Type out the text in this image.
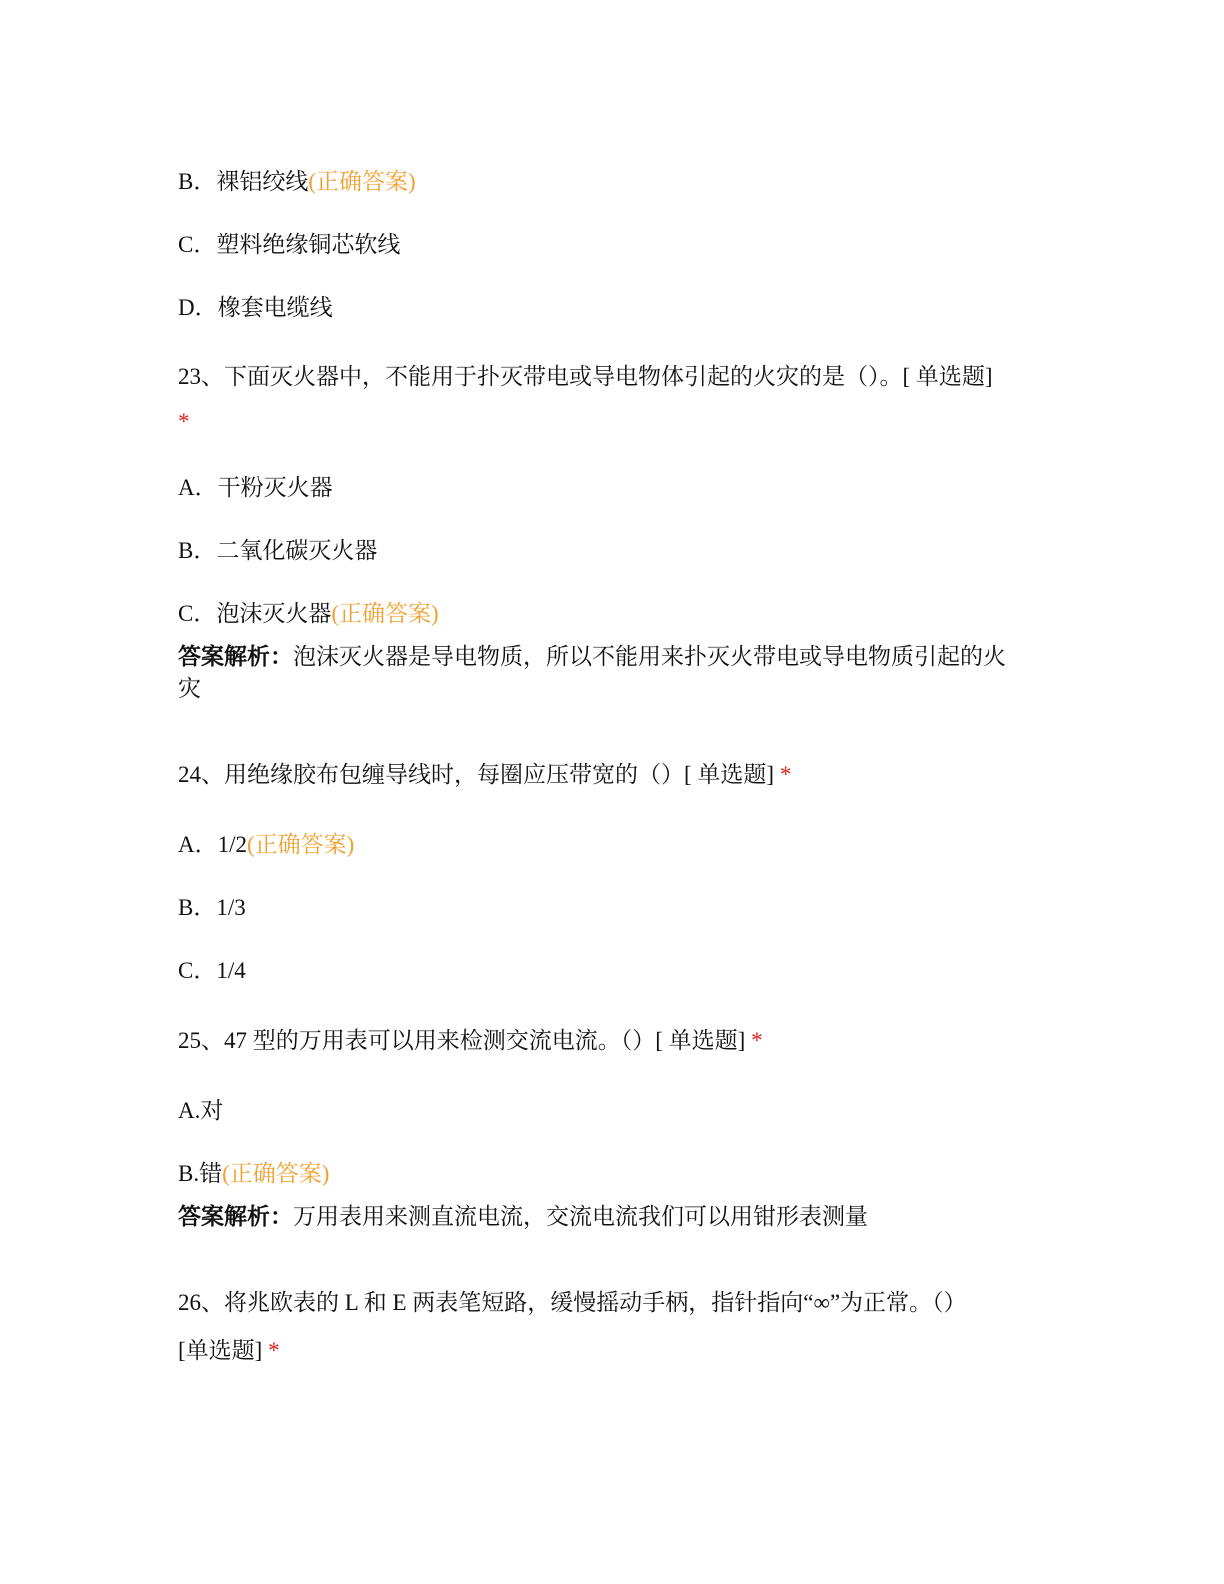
B．裸铝绞线(正确答案)
C．塑料绝缘铜芯软线
D．橡套电缆线
23、下面灭火器中，不能用于扑灭带电或导电物体引起的火灾的是（）。[ 单选题]
*
A．干粉灭火器
B．二氧化碳灭火器
C．泡沫灭火器(正确答案)
答案解析：泡沫灭火器是导电物质，所以不能用来扑灭火带电或导电物质引起的火
灾
24、用绝缘胶布包缠导线时，每圈应压带宽的（）[ 单选题] *
A．1/2(正确答案)
B．1/3
C．1/4
25、47 型的万用表可以用来检测交流电流。（）[ 单选题] *
A.对
B.错(正确答案)
答案解析：万用表用来测直流电流，交流电流我们可以用钳形表测量
26、将兆欧表的 L 和 E 两表笔短路，缓慢摇动手柄，指针指向“∞”为正常。（）
[单选题] *
